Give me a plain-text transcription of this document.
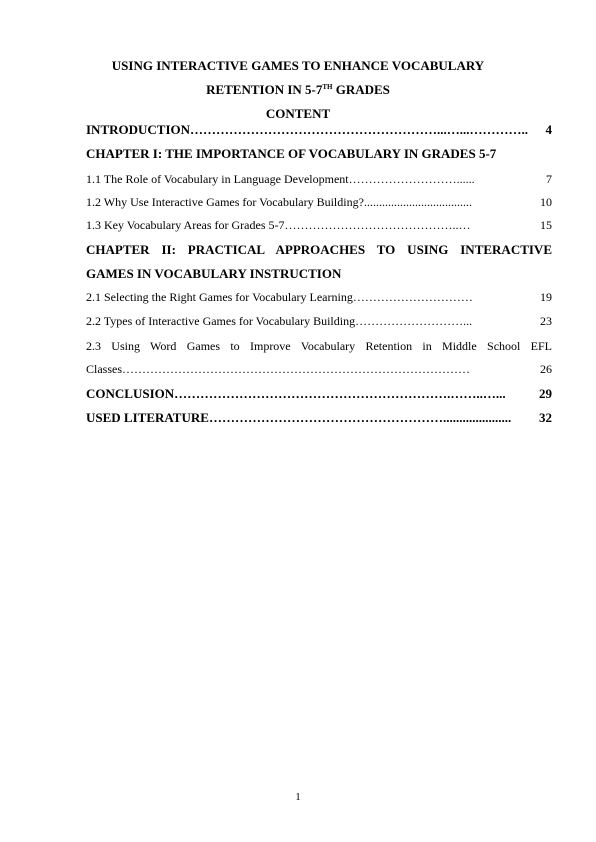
USING INTERACTIVE GAMES TO ENHANCE VOCABULARY
RETENTION IN 5-7TH GRADES
CONTENT
INTRODUCTION …………………………………………………...…...…………..	4
CHAPTER I: THE IMPORTANCE OF VOCABULARY IN GRADES 5-7
1.1 The Role of Vocabulary in Language Development ………………………......	7
1.2 Why Use Interactive Games for Vocabulary Building? ....................................	10
1.3 Key Vocabulary Areas for Grades 5-7 ……………………………………..…	15
CHAPTER II: PRACTICAL APPROACHES TO USING INTERACTIVE
GAMES IN VOCABULARY INSTRUCTION
2.1 Selecting the Right Games for Vocabulary Learning …………………………	19
2.2 Types of Interactive Games for Vocabulary Building ………………………...	23
2.3 Using Word Games to Improve Vocabulary Retention in Middle School EFL
Classes ……………………………………………………………………………	26
CONCLUSION ……………………………………………………….……..…...	29
USED LITERATURE ……………………………………………….....................	32
1
